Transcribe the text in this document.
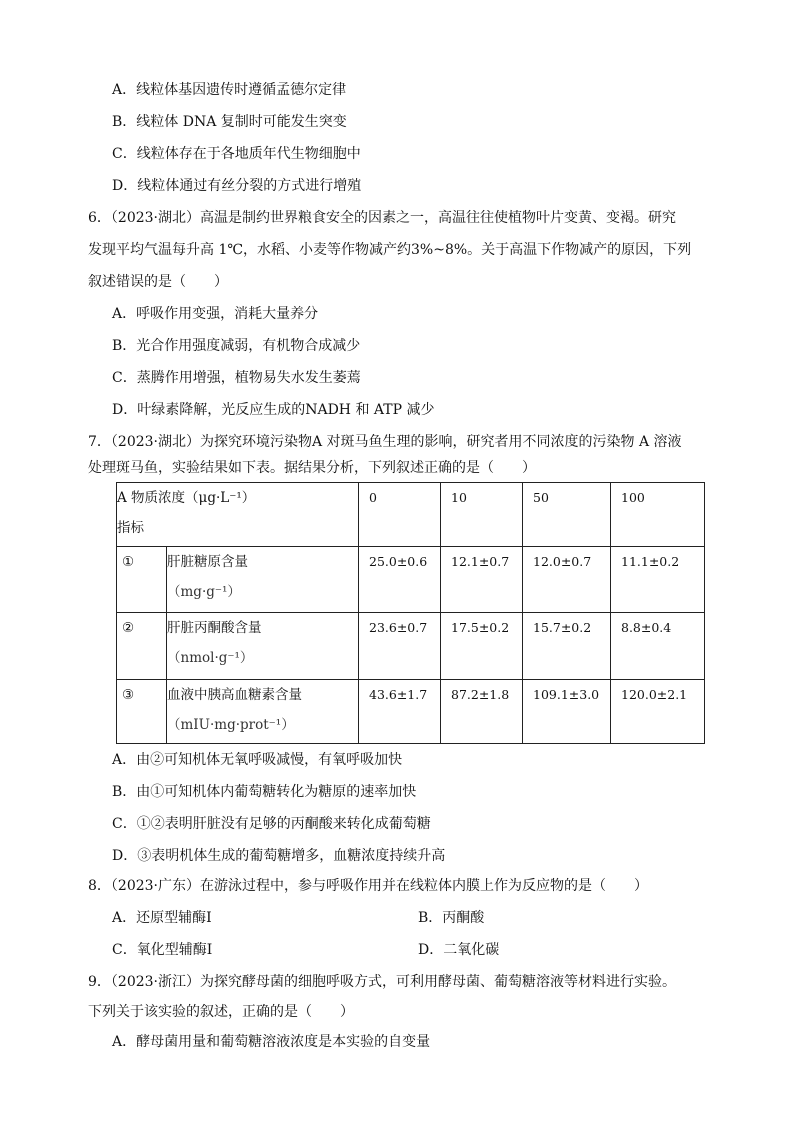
A．线粒体基因遗传时遵循孟德尔定律
B．线粒体 DNA 复制时可能发生突变
C．线粒体存在于各地质年代生物细胞中
D．线粒体通过有丝分裂的方式进行增殖
6．（2023·湖北）高温是制约世界粮食安全的因素之一，高温往往使植物叶片变黄、变褐。研究
发现平均气温每升高 1℃，水稻、小麦等作物减产约3%~8%。关于高温下作物减产的原因，下列
叙述错误的是（　　）
A．呼吸作用变强，消耗大量养分
B．光合作用强度减弱，有机物合成减少
C．蒸腾作用增强，植物易失水发生萎蔫
D．叶绿素降解，光反应生成的NADH 和 ATP 减少
7．（2023·湖北）为探究环境污染物A 对斑马鱼生理的影响，研究者用不同浓度的污染物 A 溶液
处理斑马鱼，实验结果如下表。据结果分析，下列叙述正确的是（　　）
A 物质浓度（μg·L⁻¹）
指标		0	10	50	100
①	肝脏糖原含量
（mg·g⁻¹）	25.0±0.6	12.1±0.7	12.0±0.7	11.1±0.2
②	肝脏丙酮酸含量
（nmol·g⁻¹）	23.6±0.7	17.5±0.2	15.7±0.2	8.8±0.4
③	血液中胰高血糖素含量
（mIU·mg·prot⁻¹）	43.6±1.7	87.2±1.8	109.1±3.0	120.0±2.1
A．由②可知机体无氧呼吸减慢，有氧呼吸加快
B．由①可知机体内葡萄糖转化为糖原的速率加快
C．①②表明肝脏没有足够的丙酮酸来转化成葡萄糖
D．③表明机体生成的葡萄糖增多，血糖浓度持续升高
8．（2023·广东）在游泳过程中，参与呼吸作用并在线粒体内膜上作为反应物的是（　　）
A．还原型辅酶Ⅰ	B．丙酮酸
C．氧化型辅酶Ⅰ	D．二氧化碳
9．（2023·浙江）为探究酵母菌的细胞呼吸方式，可利用酵母菌、葡萄糖溶液等材料进行实验。
下列关于该实验的叙述，正确的是（　　）
A．酵母菌用量和葡萄糖溶液浓度是本实验的自变量
